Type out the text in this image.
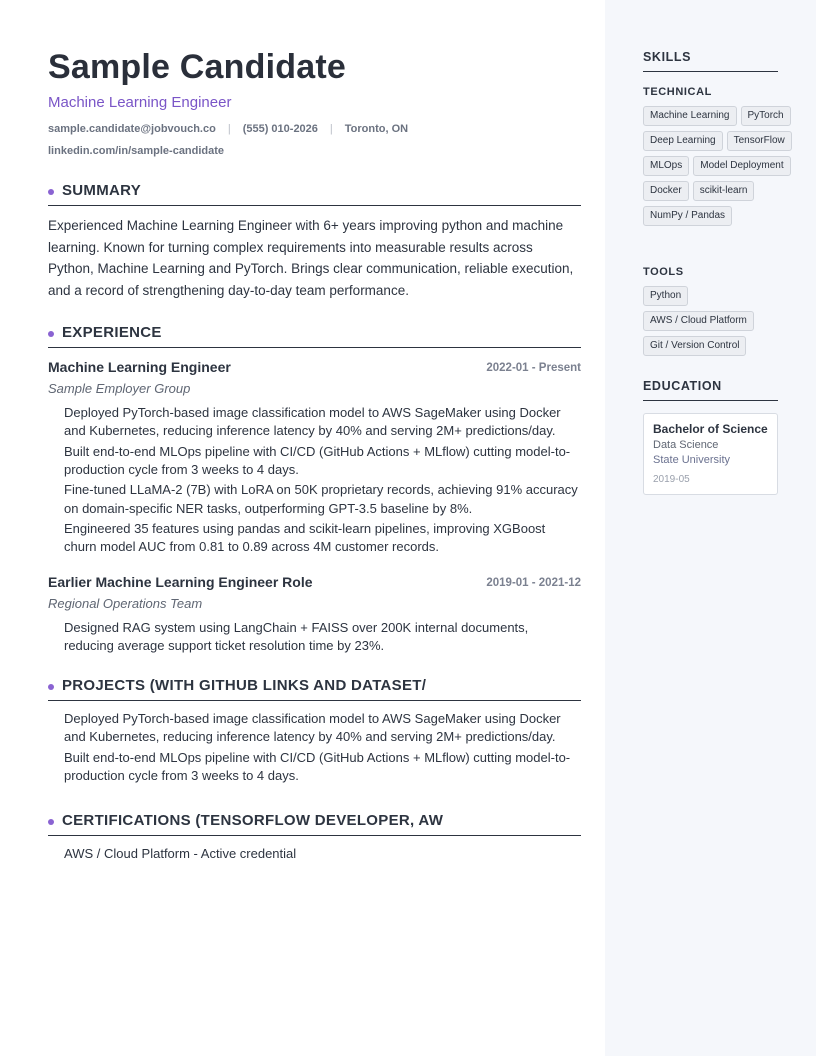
Sample Candidate
Machine Learning Engineer
sample.candidate@jobvouch.co | (555) 010-2026 | Toronto, ON
linkedin.com/in/sample-candidate
SUMMARY
Experienced Machine Learning Engineer with 6+ years improving python and machine learning. Known for turning complex requirements into measurable results across Python, Machine Learning and PyTorch. Brings clear communication, reliable execution, and a record of strengthening day-to-day team performance.
EXPERIENCE
Machine Learning Engineer	2022-01 - Present
Sample Employer Group
Deployed PyTorch-based image classification model to AWS SageMaker using Docker and Kubernetes, reducing inference latency by 40% and serving 2M+ predictions/day.
Built end-to-end MLOps pipeline with CI/CD (GitHub Actions + MLflow) cutting model-to-production cycle from 3 weeks to 4 days.
Fine-tuned LLaMA-2 (7B) with LoRA on 50K proprietary records, achieving 91% accuracy on domain-specific NER tasks, outperforming GPT-3.5 baseline by 8%.
Engineered 35 features using pandas and scikit-learn pipelines, improving XGBoost churn model AUC from 0.81 to 0.89 across 4M customer records.
Earlier Machine Learning Engineer Role	2019-01 - 2021-12
Regional Operations Team
Designed RAG system using LangChain + FAISS over 200K internal documents, reducing average support ticket resolution time by 23%.
PROJECTS (WITH GITHUB LINKS AND DATASET/
Deployed PyTorch-based image classification model to AWS SageMaker using Docker and Kubernetes, reducing inference latency by 40% and serving 2M+ predictions/day.
Built end-to-end MLOps pipeline with CI/CD (GitHub Actions + MLflow) cutting model-to-production cycle from 3 weeks to 4 days.
CERTIFICATIONS (TENSORFLOW DEVELOPER, AW
AWS / Cloud Platform - Active credential
SKILLS
TECHNICAL
Machine Learning	PyTorch
Deep Learning	TensorFlow
MLOps	Model Deployment
Docker	scikit-learn
NumPy / Pandas
TOOLS
Python
AWS / Cloud Platform
Git / Version Control
EDUCATION
Bachelor of Science
Data Science
State University
2019-05
